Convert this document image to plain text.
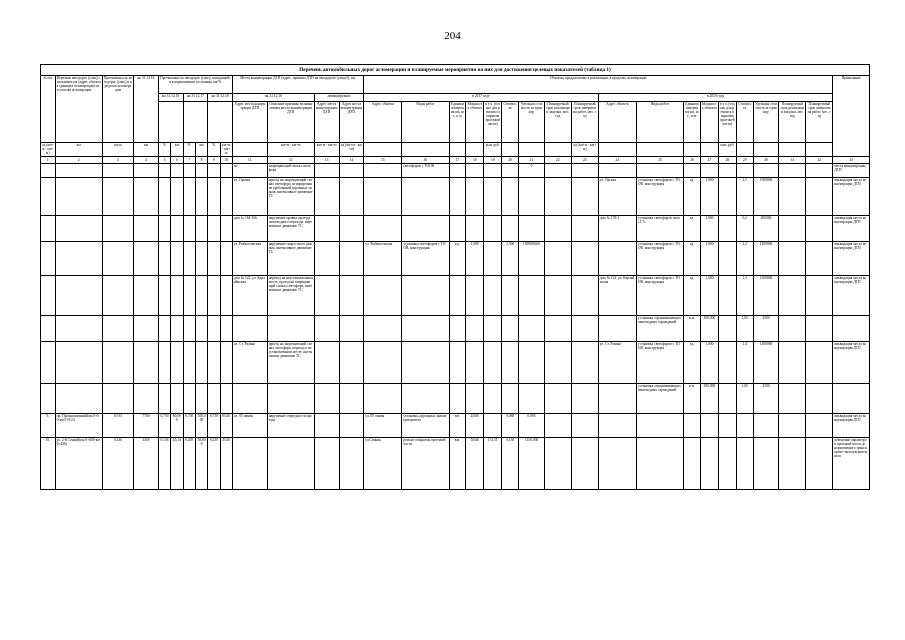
204
Перечень автомобильных дорог агломерации и планируемые мероприятия на них для достижения целевых показателей (таблица 1)																																
№ п/п	Перечень автодорог (улиц) с указанием км (адрес объекта в границах агломерации) или участка агломерации	Протяженность автодорог (улиц) в пределах агломерации	на 31.12.16	Протяженность автодорог (улиц), находящейся в нормативном состоянии, км/%						Места концентрации ДТП (адрес, причина ДТП на автодороге (улице)), шт.				Объекты, предлагаемые к реализации, в пределах агломерации																		Примечание
				на 31.12.16		на 31.12.17		на 31.12.18		на 31.12.16		ликвидировано		в 2017 году									в 2018 году									
										Адрес места концентрации ДТП	Описание причины возникновения места концентрации ДТП	Адрес места концентрации ДТП	Адрес места концентрации ДТП	Адрес объекта	Виды работ	Единица измерения км, шт., п.м.	Мощность объекта	в т.ч. (только для ремонта покрытия проезжей части)	Стоимость	Удельная стоимость за единицу	Планируемый срок реализации закупки, мес. год	Планируемый срок завершения работ, мес. год	Адрес объекта	Виды работ	Единица измерения км, шт., п.м.	Мощность объекта	в т.ч. (только для ремонта покрытия проезжей части)	Стоимость	Удельная стоимость за единицу	Планируемый срок реализации закупки, мес. год	Планируемый срок завершения работ, мес. год	
ад (км+м - км+м)	км	км,м	км	%	км	%	км	%	км+м - км+м		км+м - км+м	км+м - км+м	ад (км+м - км+м)					млн. руб.				ад (км+м - км+м)					млн. руб.					
1	2	3	4	5	6	7	8	9	10	11	12	13	14	15	16	17	18	19	20	21	22	23	24	25	26	27	28	29	30	31	32	33
										во	запрещающий сигнал светофора				светофоров с ТООВ					0												места концентрации ДТП
										ул. Орская	проезд на запрещающий сигнал светофора, игнорирование требований дорожных знаков, интенсивное движение ТС												ул. Орская	установка светофоров с ТООВ, конструкция	ед.	1,000		1,5	1500000			ликвидация места концентрации ДТП
										дом № 164-166	нарушение правил проезда пешеходного перехода, интенсивное движение ТС												дом № 178/1	установка светофоров типа «Т.7»	ед.	1,000		0,2	200000			ликвидация места концентрации ДТП
										ул. Рыбносенская	нарушение скоростного режима, интенсивное движение ТС			ул. Рыбносенская	установка светофоров с ТООВ, конструкция	ед.	1,000		1,500	1500000,00				установка светофоров с ТООВ, конструкция	ед.	1,000		1,2	1200000			ликвидация места концентрации ДТП
										дом № 122, ул. Карлайнская	переход на неустановленном месте, проезд на запрещающий сигнал светофора, интенсивное движение ТС												дом № 122, ул. Карлайнская	установка светофоров с ТООВ, конструкция	ед.	1,000		1,3	1300000			ликвидация места концентрации ДТП
																								установка ограничивающих пешеходных ограждений	п.м.	300,000		1,05	3500			
										ул. Ст. Разина	проезд на запрещающий сигнал светофора, переход в неустановленном месте, интенсивное движение ТС												ул. Ст. Разина	установка светофоров с ТООВ, конструкция	ед.	1,000		1,4	1400000			ликвидация места концентрации ДТП
																								установка ограничивающих пешеходных ограждений	п.м.	300,000		1,05	3500			
9.	пр. Промышленный(км 0+00-км 0+913)	0,913	7760	0,750	80,000	0,750	100,000	0,750	85,00	ул. 85 линия	нарушение очередности проезда			ул. 85 линия	установка дорожных знаков приоритета	шт.	2,000		0,080	0,085												ликвидация места концентрации ДТП
10.	ул. 2-й Сенной(км 0+000-км 0+436)	0,436	3456	0,136	45,13	0,205	50,000	0,250	45,00					ул.Сенная	ремонт покрытия проезжей части	км.	0,046	131,11	0,150	1350,000												доведение параметров проезжей части до нормативного транспортно-эксплуатационного
